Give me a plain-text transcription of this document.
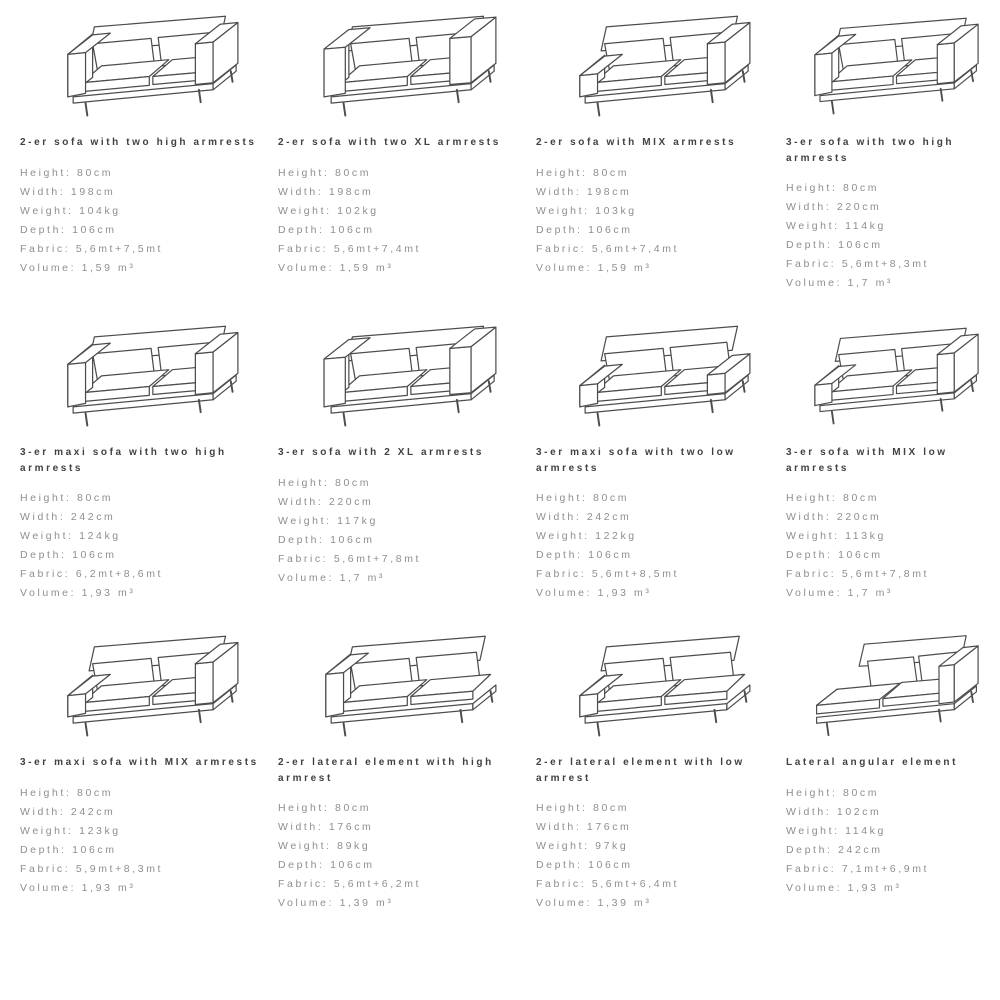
2-er sofa with two high armrests
Height: 80cm
Width: 198cm
Weight: 104kg
Depth: 106cm
Fabric: 5,6mt+7,5mt
Volume: 1,59 m³
2-er sofa with two XL armrests
Height: 80cm
Width: 198cm
Weight: 102kg
Depth: 106cm
Fabric: 5,6mt+7,4mt
Volume: 1,59 m³
2-er sofa with MIX armrests
Height: 80cm
Width: 198cm
Weight: 103kg
Depth: 106cm
Fabric: 5,6mt+7,4mt
Volume: 1,59 m³
3-er sofa with two high armrests
Height: 80cm
Width: 220cm
Weight: 114kg
Depth: 106cm
Fabric: 5,6mt+8,3mt
Volume: 1,7 m³
3-er maxi sofa with two high armrests
Height: 80cm
Width: 242cm
Weight: 124kg
Depth: 106cm
Fabric: 6,2mt+8,6mt
Volume: 1,93 m³
3-er sofa with 2 XL armrests
Height: 80cm
Width: 220cm
Weight: 117kg
Depth: 106cm
Fabric: 5,6mt+7,8mt
Volume: 1,7 m³
3-er maxi sofa with two low armrests
Height: 80cm
Width: 242cm
Weight: 122kg
Depth: 106cm
Fabric: 5,6mt+8,5mt
Volume: 1,93 m³
3-er sofa with MIX low armrests
Height: 80cm
Width: 220cm
Weight: 113kg
Depth: 106cm
Fabric: 5,6mt+7,8mt
Volume: 1,7 m³
3-er maxi sofa with MIX armrests
Height: 80cm
Width: 242cm
Weight: 123kg
Depth: 106cm
Fabric: 5,9mt+8,3mt
Volume: 1,93 m³
2-er lateral element with high armrest
Height: 80cm
Width: 176cm
Weight: 89kg
Depth: 106cm
Fabric: 5,6mt+6,2mt
Volume: 1,39 m³
2-er lateral element with low armrest
Height: 80cm
Width: 176cm
Weight: 97kg
Depth: 106cm
Fabric: 5,6mt+6,4mt
Volume: 1,39 m³
Lateral angular element
Height: 80cm
Width: 102cm
Weight: 114kg
Depth: 242cm
Fabric: 7,1mt+6,9mt
Volume: 1,93 m³
